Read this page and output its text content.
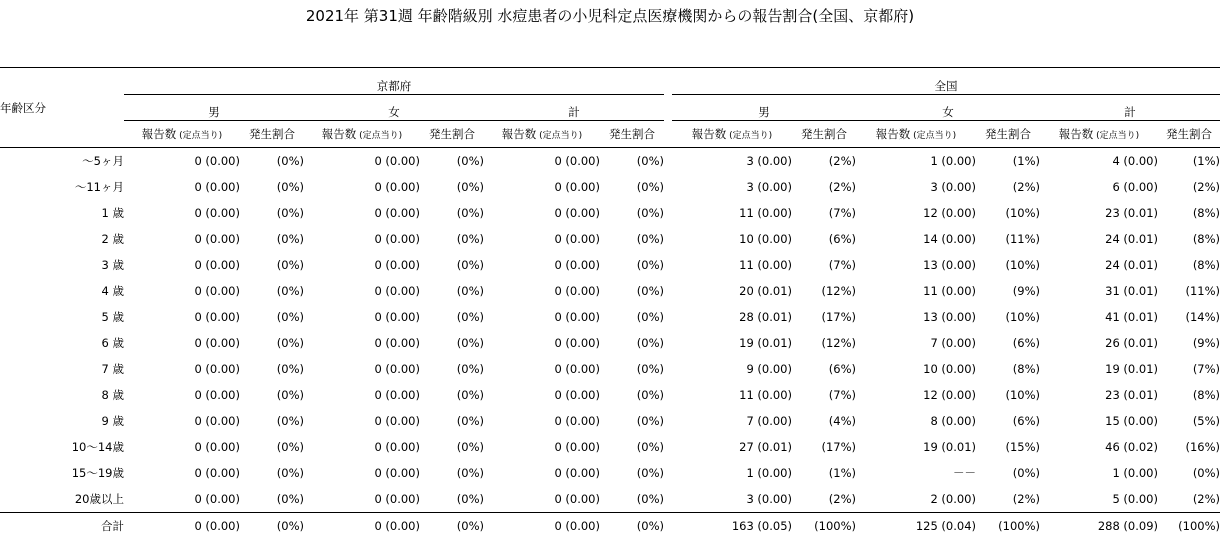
2021年 第31週 年齢階級別 水痘患者の小児科定点医療機関からの報告割合(全国、京都府)
年齢区分	京都府							全国					
	男		女		計			男		女		計	
	報告数 (定点当り)	発生割合	報告数 (定点当り)	発生割合	報告数 (定点当り)	発生割合		報告数 (定点当り)	発生割合	報告数 (定点当り)	発生割合	報告数 (定点当り)	発生割合
～5ヶ月	0 (0.00)	(0%)	0 (0.00)	(0%)	0 (0.00)	(0%)		3 (0.00)	(2%)	1 (0.00)	(1%)	4 (0.00)	(1%)
～11ヶ月	0 (0.00)	(0%)	0 (0.00)	(0%)	0 (0.00)	(0%)		3 (0.00)	(2%)	3 (0.00)	(2%)	6 (0.00)	(2%)
1 歳	0 (0.00)	(0%)	0 (0.00)	(0%)	0 (0.00)	(0%)		11 (0.00)	(7%)	12 (0.00)	(10%)	23 (0.01)	(8%)
2 歳	0 (0.00)	(0%)	0 (0.00)	(0%)	0 (0.00)	(0%)		10 (0.00)	(6%)	14 (0.00)	(11%)	24 (0.01)	(8%)
3 歳	0 (0.00)	(0%)	0 (0.00)	(0%)	0 (0.00)	(0%)		11 (0.00)	(7%)	13 (0.00)	(10%)	24 (0.01)	(8%)
4 歳	0 (0.00)	(0%)	0 (0.00)	(0%)	0 (0.00)	(0%)		20 (0.01)	(12%)	11 (0.00)	(9%)	31 (0.01)	(11%)
5 歳	0 (0.00)	(0%)	0 (0.00)	(0%)	0 (0.00)	(0%)		28 (0.01)	(17%)	13 (0.00)	(10%)	41 (0.01)	(14%)
6 歳	0 (0.00)	(0%)	0 (0.00)	(0%)	0 (0.00)	(0%)		19 (0.01)	(12%)	7 (0.00)	(6%)	26 (0.01)	(9%)
7 歳	0 (0.00)	(0%)	0 (0.00)	(0%)	0 (0.00)	(0%)		9 (0.00)	(6%)	10 (0.00)	(8%)	19 (0.01)	(7%)
8 歳	0 (0.00)	(0%)	0 (0.00)	(0%)	0 (0.00)	(0%)		11 (0.00)	(7%)	12 (0.00)	(10%)	23 (0.01)	(8%)
9 歳	0 (0.00)	(0%)	0 (0.00)	(0%)	0 (0.00)	(0%)		7 (0.00)	(4%)	8 (0.00)	(6%)	15 (0.00)	(5%)
10～14歳	0 (0.00)	(0%)	0 (0.00)	(0%)	0 (0.00)	(0%)		27 (0.01)	(17%)	19 (0.01)	(15%)	46 (0.02)	(16%)
15～19歳	0 (0.00)	(0%)	0 (0.00)	(0%)	0 (0.00)	(0%)		1 (0.00)	(1%)	－－	(0%)	1 (0.00)	(0%)
20歳以上	0 (0.00)	(0%)	0 (0.00)	(0%)	0 (0.00)	(0%)		3 (0.00)	(2%)	2 (0.00)	(2%)	5 (0.00)	(2%)
合計	0 (0.00)	(0%)	0 (0.00)	(0%)	0 (0.00)	(0%)		163 (0.05)	(100%)	125 (0.04)	(100%)	288 (0.09)	(100%)
